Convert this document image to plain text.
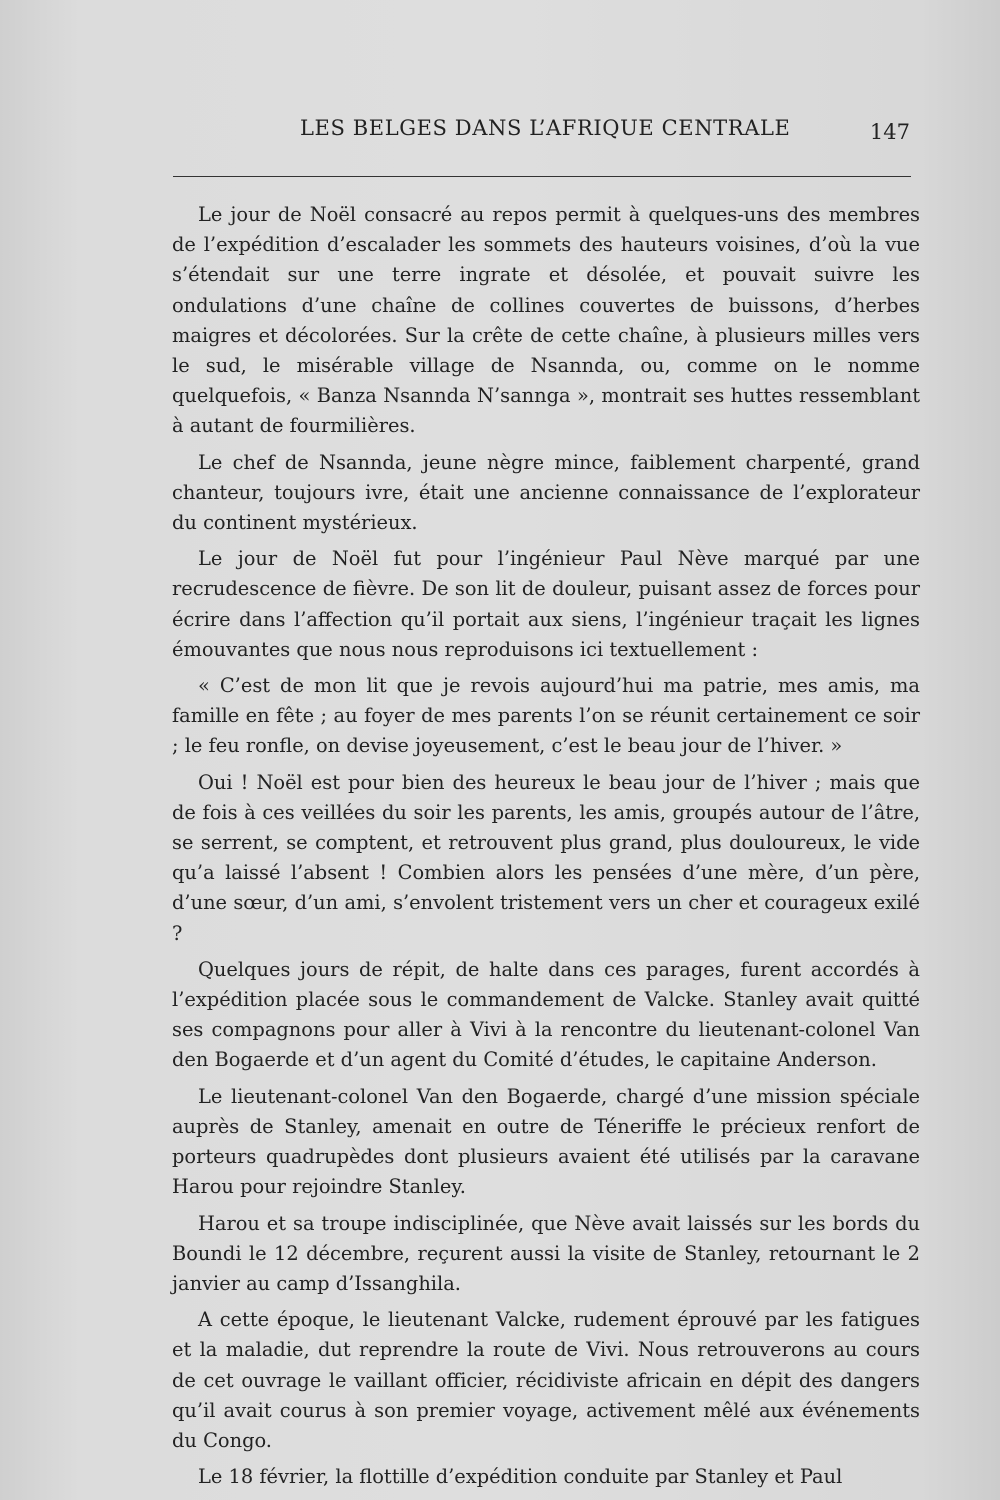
LES BELGES DANS L’AFRIQUE CENTRALE	147

Le jour de Noël consacré au repos permit à quelques-uns des membres de l’expédition d’escalader les sommets des hauteurs voisines, d’où la vue s’étendait sur une terre ingrate et désolée, et pouvait suivre les ondulations d’une chaîne de collines couvertes de buissons, d’herbes maigres et décolorées. Sur la crête de cette chaîne, à plusieurs milles vers le sud, le misérable village de Nsannda, ou, comme on le nomme quelquefois, « Banza Nsannda N’sannga », montrait ses huttes ressemblant à autant de fourmilières.

Le chef de Nsannda, jeune nègre mince, faiblement charpenté, grand chanteur, toujours ivre, était une ancienne connaissance de l’explorateur du continent mystérieux.

Le jour de Noël fut pour l’ingénieur Paul Nève marqué par une recrudescence de fièvre. De son lit de douleur, puisant assez de forces pour écrire dans l’affection qu’il portait aux siens, l’ingénieur traçait les lignes émouvantes que nous nous reproduisons ici textuellement :

« C’est de mon lit que je revois aujourd’hui ma patrie, mes amis, ma famille en fête ; au foyer de mes parents l’on se réunit certainement ce soir ; le feu ronfle, on devise joyeusement, c’est le beau jour de l’hiver. »

Oui ! Noël est pour bien des heureux le beau jour de l’hiver ; mais que de fois à ces veillées du soir les parents, les amis, groupés autour de l’âtre, se serrent, se comptent, et retrouvent plus grand, plus douloureux, le vide qu’a laissé l’absent ! Combien alors les pensées d’une mère, d’un père, d’une sœur, d’un ami, s’envolent tristement vers un cher et courageux exilé ?

Quelques jours de répit, de halte dans ces parages, furent accordés à l’expédition placée sous le commandement de Valcke. Stanley avait quitté ses compagnons pour aller à Vivi à la rencontre du lieutenant-colonel Van den Bogaerde et d’un agent du Comité d’études, le capitaine Anderson.

Le lieutenant-colonel Van den Bogaerde, chargé d’une mission spéciale auprès de Stanley, amenait en outre de Téneriffe le précieux renfort de porteurs quadrupèdes dont plusieurs avaient été utilisés par la caravane Harou pour rejoindre Stanley.

Harou et sa troupe indisciplinée, que Nève avait laissés sur les bords du Boundi le 12 décembre, reçurent aussi la visite de Stanley, retournant le 2 janvier au camp d’Issanghila.

A cette époque, le lieutenant Valcke, rudement éprouvé par les fatigues et la maladie, dut reprendre la route de Vivi. Nous retrouverons au cours de cet ouvrage le vaillant officier, récidiviste africain en dépit des dangers qu’il avait courus à son premier voyage, activement mêlé aux événements du Congo.

Le 18 février, la flottille d’expédition conduite par Stanley et Paul
